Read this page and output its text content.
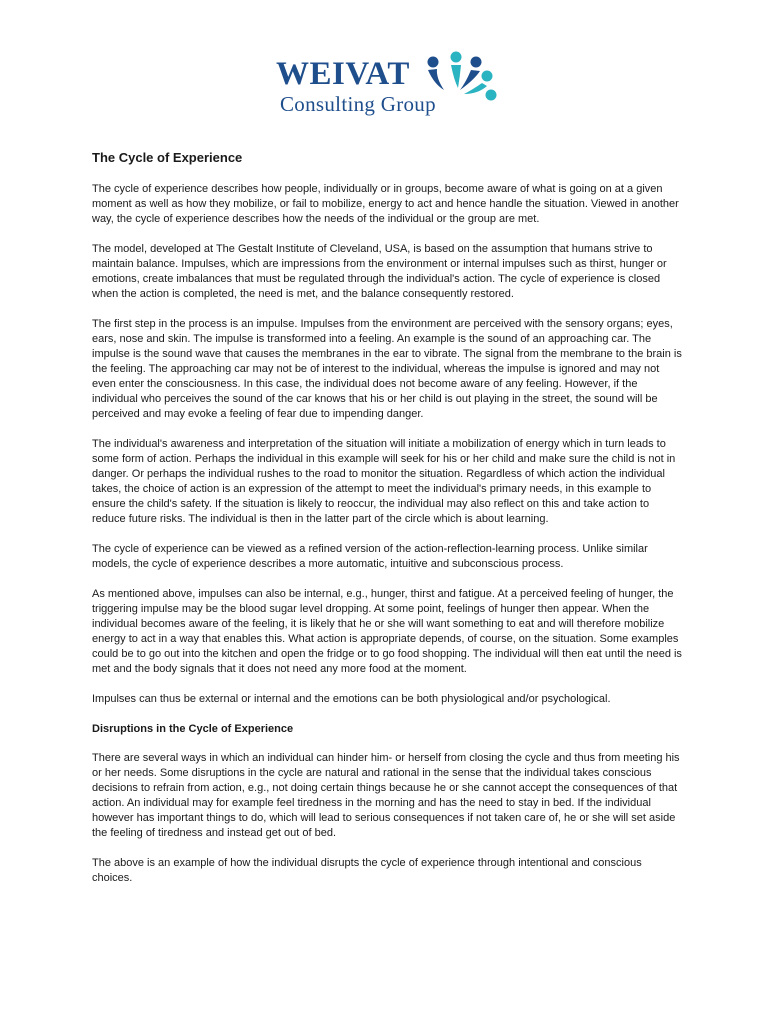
WEIVAT
Consulting Group
The Cycle of Experience

The cycle of experience describes how people, individually or in groups, become aware of what is going on at a given moment as well as how they mobilize, or fail to mobilize, energy to act and hence handle the situation. Viewed in another way, the cycle of experience describes how the needs of the individual or the group are met.

The model, developed at The Gestalt Institute of Cleveland, USA, is based on the assumption that humans strive to maintain balance. Impulses, which are impressions from the environment or internal impulses such as thirst, hunger or emotions, create imbalances that must be regulated through the individual's action. The cycle of experience is closed when the action is completed, the need is met, and the balance consequently restored.

The first step in the process is an impulse. Impulses from the environment are perceived with the sensory organs; eyes, ears, nose and skin. The impulse is transformed into a feeling. An example is the sound of an approaching car. The impulse is the sound wave that causes the membranes in the ear to vibrate. The signal from the membrane to the brain is the feeling. The approaching car may not be of interest to the individual, whereas the impulse is ignored and may not even enter the consciousness. In this case, the individual does not become aware of any feeling. However, if the individual who perceives the sound of the car knows that his or her child is out playing in the street, the sound will be perceived and may evoke a feeling of fear due to impending danger.

The individual's awareness and interpretation of the situation will initiate a mobilization of energy which in turn leads to some form of action. Perhaps the individual in this example will seek for his or her child and make sure the child is not in danger. Or perhaps the individual rushes to the road to monitor the situation. Regardless of which action the individual takes, the choice of action is an expression of the attempt to meet the individual's primary needs, in this example to ensure the child's safety. If the situation is likely to reoccur, the individual may also reflect on this and take action to reduce future risks. The individual is then in the latter part of the circle which is about learning.

The cycle of experience can be viewed as a refined version of the action-reflection-learning process. Unlike similar models, the cycle of experience describes a more automatic, intuitive and subconscious process.

As mentioned above, impulses can also be internal, e.g., hunger, thirst and fatigue. At a perceived feeling of hunger, the triggering impulse may be the blood sugar level dropping. At some point, feelings of hunger then appear. When the individual becomes aware of the feeling, it is likely that he or she will want something to eat and will therefore mobilize energy to act in a way that enables this. What action is appropriate depends, of course, on the situation. Some examples could be to go out into the kitchen and open the fridge or to go food shopping. The individual will then eat until the need is met and the body signals that it does not need any more food at the moment.

Impulses can thus be external or internal and the emotions can be both physiological and/or psychological.

Disruptions in the Cycle of Experience

There are several ways in which an individual can hinder him- or herself from closing the cycle and thus from meeting his or her needs. Some disruptions in the cycle are natural and rational in the sense that the individual takes conscious decisions to refrain from action, e.g., not doing certain things because he or she cannot accept the consequences of that action. An individual may for example feel tiredness in the morning and has the need to stay in bed. If the individual however has important things to do, which will lead to serious consequences if not taken care of, he or she will set aside the feeling of tiredness and instead get out of bed.

The above is an example of how the individual disrupts the cycle of experience through intentional and conscious choices.
